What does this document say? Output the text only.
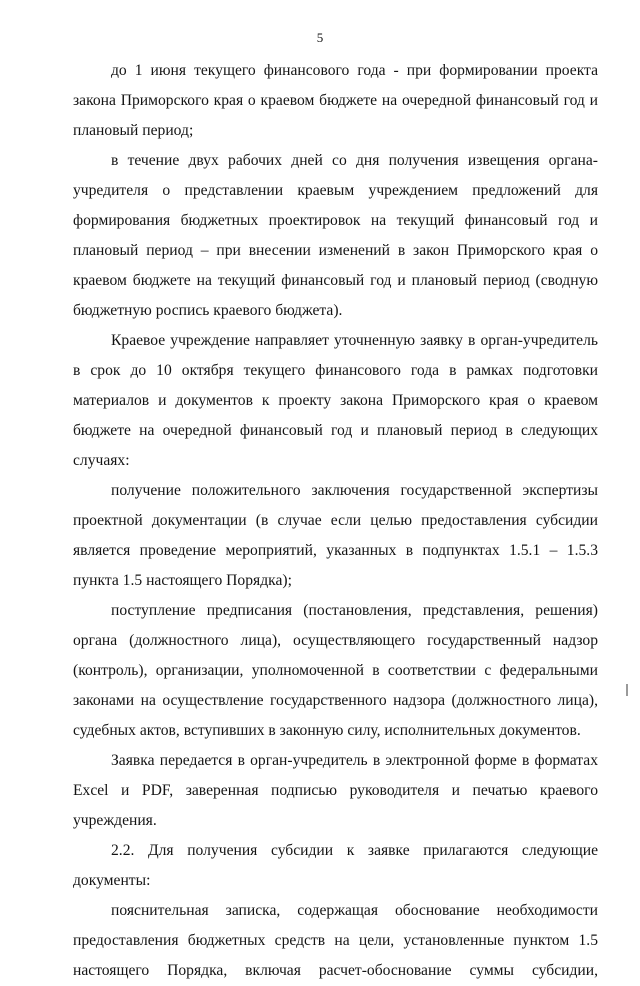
5

до 1 июня текущего финансового года - при формировании проекта закона Приморского края о краевом бюджете на очередной финансовый год и плановый период;

в течение двух рабочих дней со дня получения извещения органа-учредителя о представлении краевым учреждением предложений для формирования бюджетных проектировок на текущий финансовый год и плановый период – при внесении изменений в закон Приморского края о краевом бюджете на текущий финансовый год и плановый период (сводную бюджетную роспись краевого бюджета).

Краевое учреждение направляет уточненную заявку в орган-учредитель в срок до 10 октября текущего финансового года в рамках подготовки материалов и документов к проекту закона Приморского края о краевом бюджете на очередной финансовый год и плановый период в следующих случаях:

получение положительного заключения государственной экспертизы проектной документации (в случае если целью предоставления субсидии является проведение мероприятий, указанных в подпунктах 1.5.1 – 1.5.3 пункта 1.5 настоящего Порядка);

поступление предписания (постановления, представления, решения) органа (должностного лица), осуществляющего государственный надзор (контроль), организации, уполномоченной в соответствии с федеральными законами на осуществление государственного надзора (должностного лица), судебных актов, вступивших в законную силу, исполнительных документов.

Заявка передается в орган-учредитель в электронной форме в форматах Excel и PDF, заверенная подписью руководителя и печатью краевого учреждения.

2.2. Для получения субсидии к заявке прилагаются следующие документы:

пояснительная записка, содержащая обоснование необходимости предоставления бюджетных средств на цели, установленные пунктом 1.5 настоящего Порядка, включая расчет-обоснование суммы субсидии,
